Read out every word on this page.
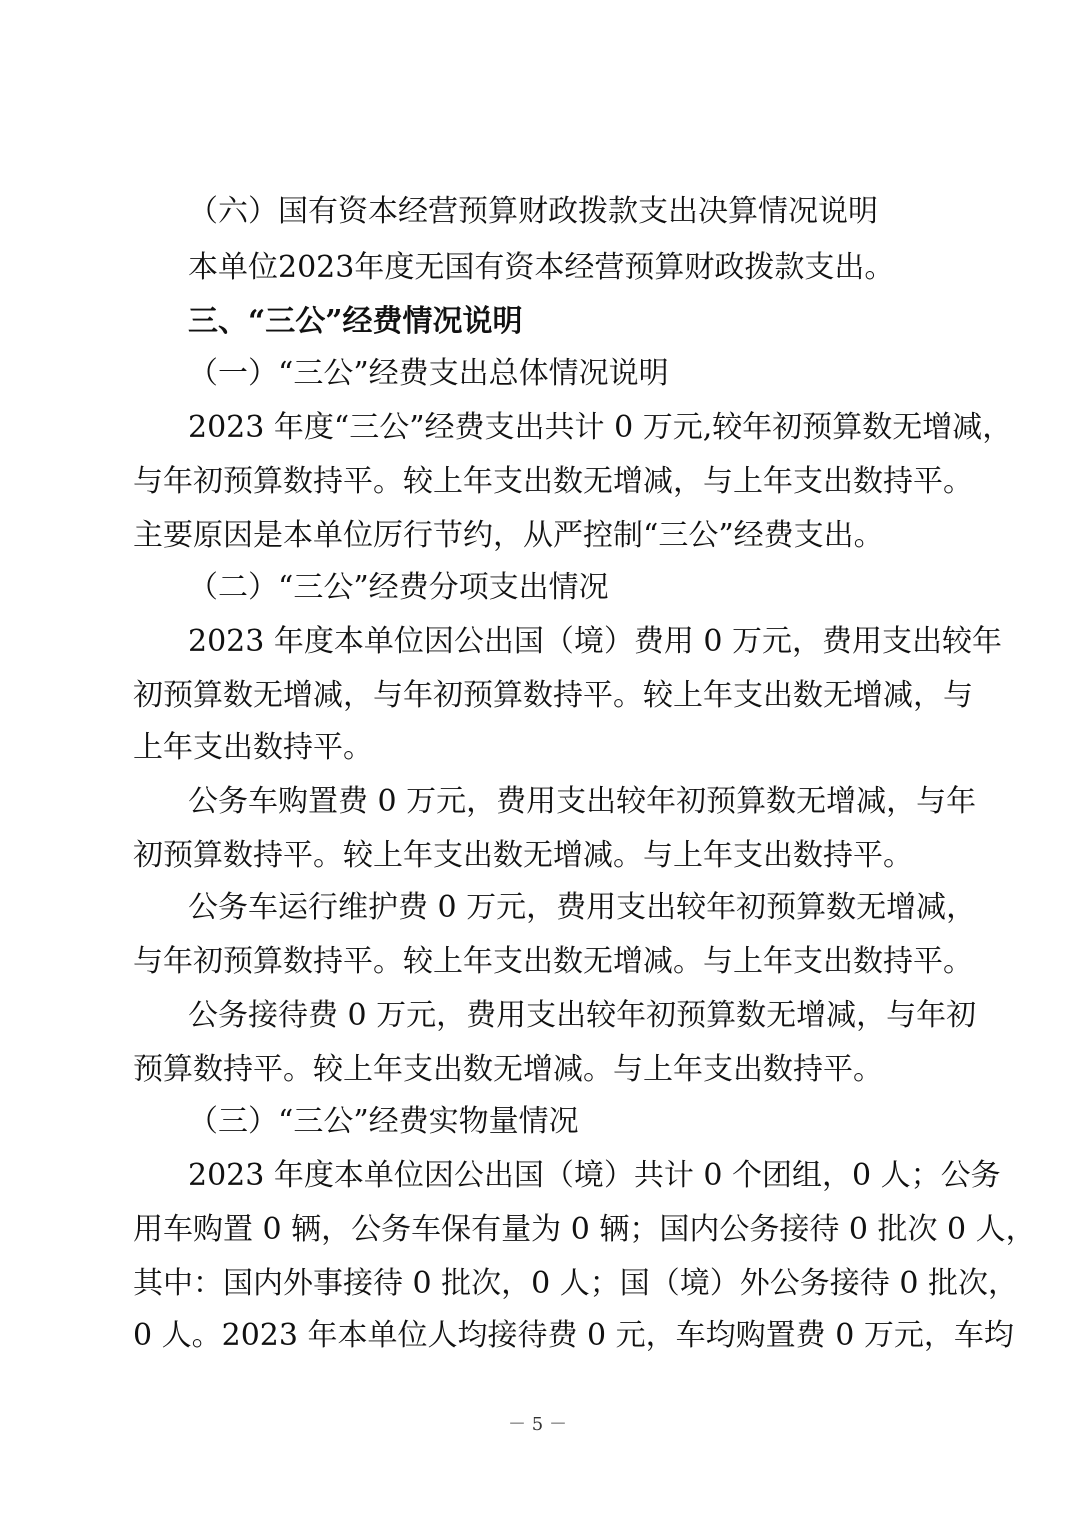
（六）国有资本经营预算财政拨款支出决算情况说明
本单位2023年度无国有资本经营预算财政拨款支出。
三、“三公”经费情况说明
（一）“三公”经费支出总体情况说明
2023 年度“三公”经费支出共计 0 万元,较年初预算数无增减，
与年初预算数持平。较上年支出数无增减，与上年支出数持平。
主要原因是本单位厉行节约，从严控制“三公”经费支出。
（二）“三公”经费分项支出情况
2023 年度本单位因公出国（境）费用 0 万元，费用支出较年
初预算数无增减，与年初预算数持平。较上年支出数无增减，与
上年支出数持平。
公务车购置费 0 万元，费用支出较年初预算数无增减，与年
初预算数持平。较上年支出数无增减。与上年支出数持平。
公务车运行维护费 0 万元，费用支出较年初预算数无增减，
与年初预算数持平。较上年支出数无增减。与上年支出数持平。
公务接待费 0 万元，费用支出较年初预算数无增减，与年初
预算数持平。较上年支出数无增减。与上年支出数持平。
（三）“三公”经费实物量情况
2023 年度本单位因公出国（境）共计 0 个团组，0 人；公务
用车购置 0 辆，公务车保有量为 0 辆；国内公务接待 0 批次 0 人，
其中：国内外事接待 0 批次，0 人；国（境）外公务接待 0 批次，
0 人。2023 年本单位人均接待费 0 元，车均购置费 0 万元，车均
－ 5 －
